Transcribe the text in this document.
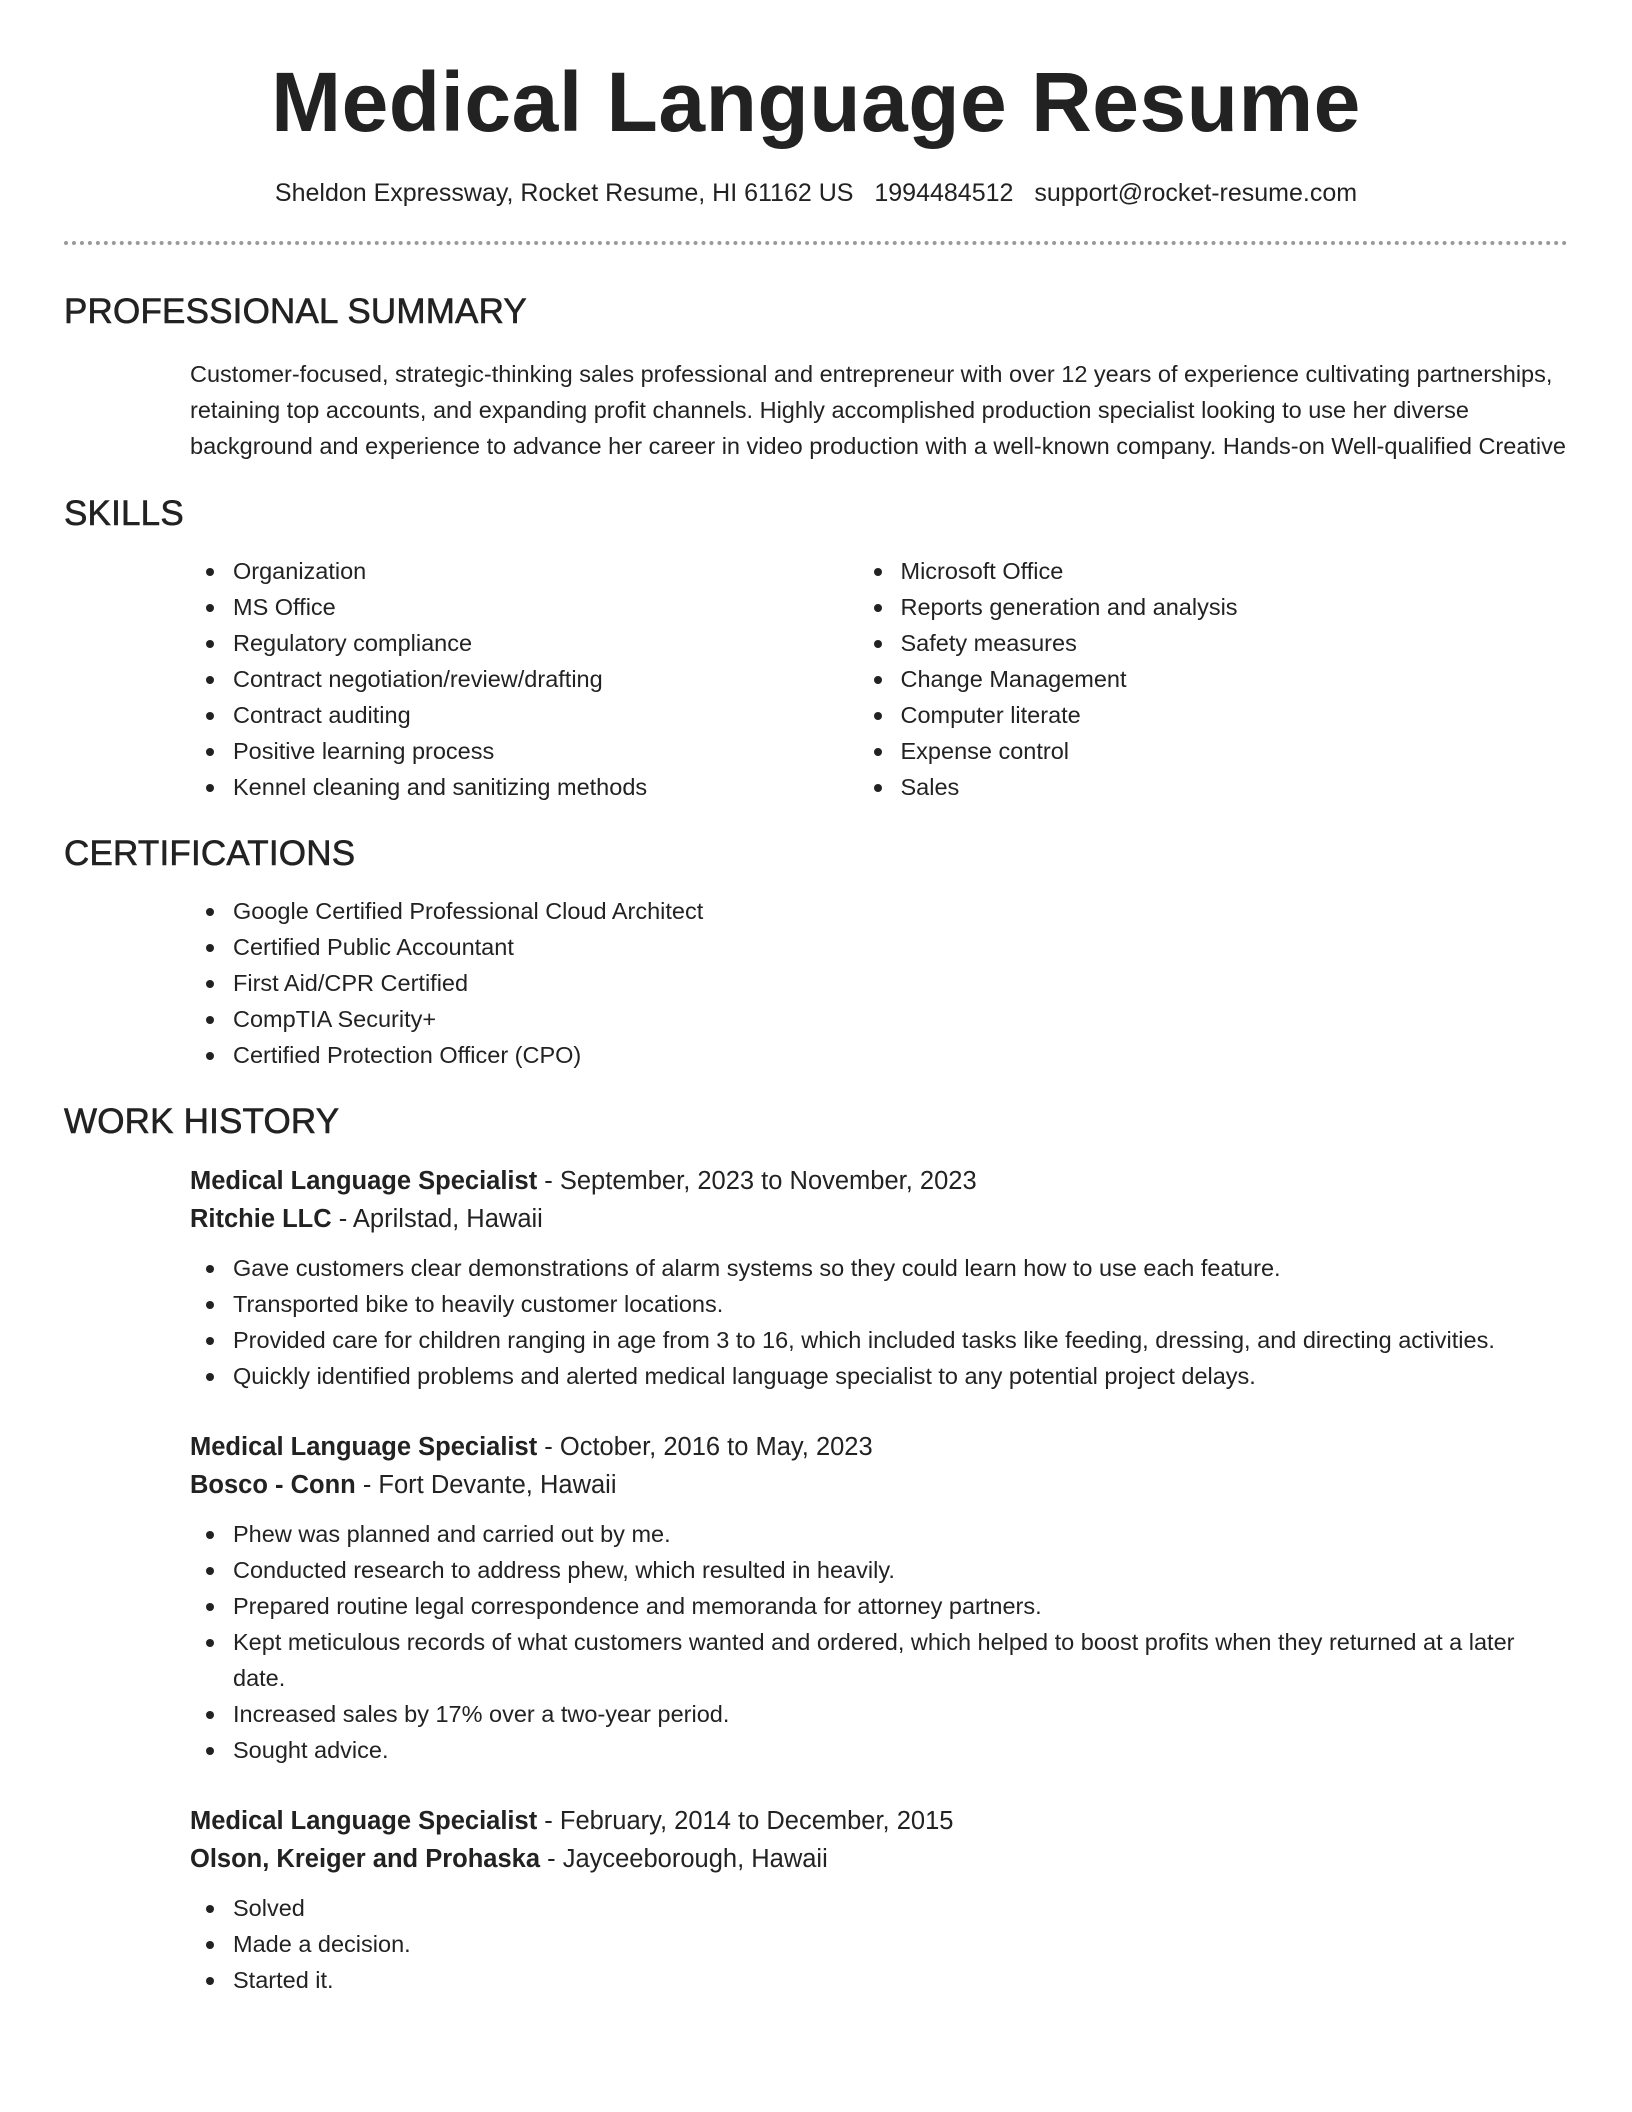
Medical Language Resume
Sheldon Expressway, Rocket Resume, HI 61162 US 1994484512 support@rocket-resume.com
PROFESSIONAL SUMMARY
Customer-focused, strategic-thinking sales professional and entrepreneur with over 12 years of experience cultivating partnerships, retaining top accounts, and expanding profit channels. Highly accomplished production specialist looking to use her diverse background and experience to advance her career in video production with a well-known company. Hands-on Well-qualified Creative
SKILLS
Organization
MS Office
Regulatory compliance
Contract negotiation/review/drafting
Contract auditing
Positive learning process
Kennel cleaning and sanitizing methods
Microsoft Office
Reports generation and analysis
Safety measures
Change Management
Computer literate
Expense control
Sales
CERTIFICATIONS
Google Certified Professional Cloud Architect
Certified Public Accountant
First Aid/CPR Certified
CompTIA Security+
Certified Protection Officer (CPO)
WORK HISTORY
Medical Language Specialist - September, 2023 to November, 2023
Ritchie LLC - Aprilstad, Hawaii
Gave customers clear demonstrations of alarm systems so they could learn how to use each feature.
Transported bike to heavily customer locations.
Provided care for children ranging in age from 3 to 16, which included tasks like feeding, dressing, and directing activities.
Quickly identified problems and alerted medical language specialist to any potential project delays.
Medical Language Specialist - October, 2016 to May, 2023
Bosco - Conn - Fort Devante, Hawaii
Phew was planned and carried out by me.
Conducted research to address phew, which resulted in heavily.
Prepared routine legal correspondence and memoranda for attorney partners.
Kept meticulous records of what customers wanted and ordered, which helped to boost profits when they returned at a later date.
Increased sales by 17% over a two-year period.
Sought advice.
Medical Language Specialist - February, 2014 to December, 2015
Olson, Kreiger and Prohaska - Jayceeborough, Hawaii
Solved
Made a decision.
Started it.
